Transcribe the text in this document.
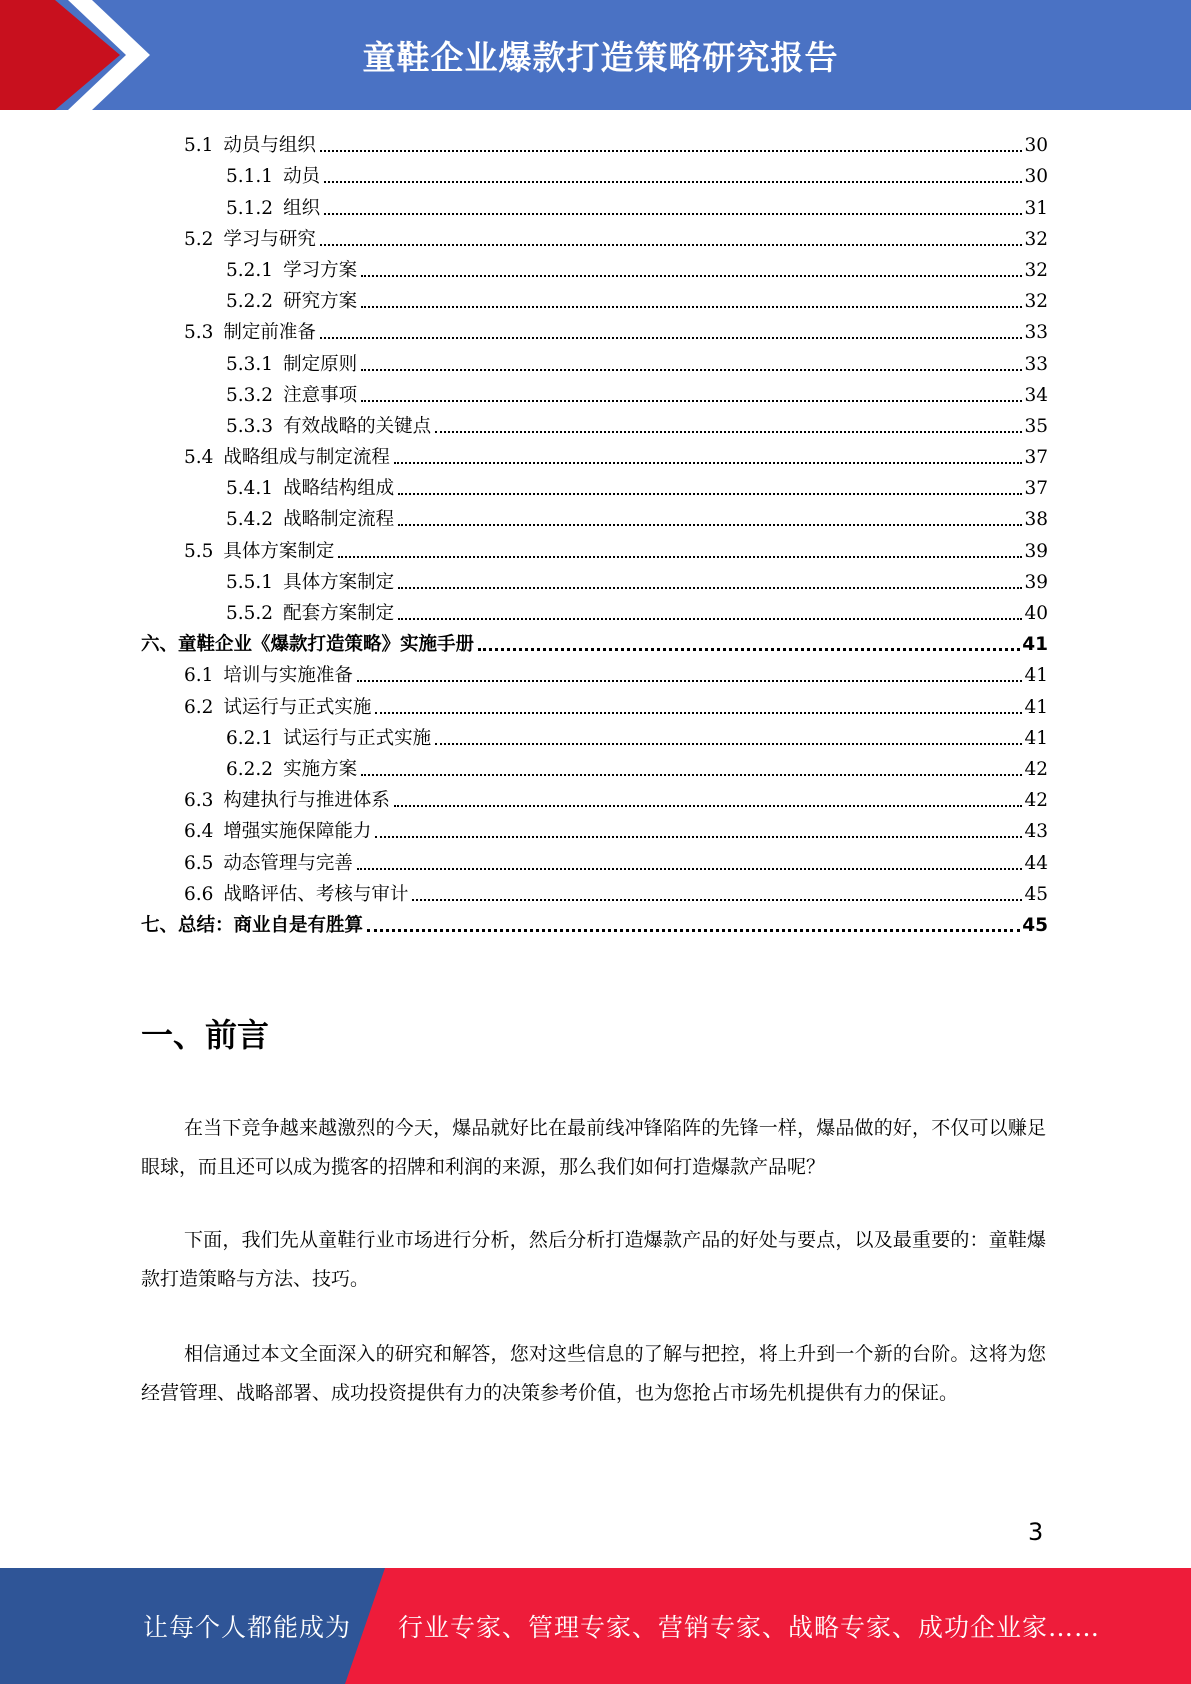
童鞋企业爆款打造策略研究报告
5.1 动员与组织	30
5.1.1 动员	30
5.1.2 组织	31
5.2 学习与研究	32
5.2.1 学习方案	32
5.2.2 研究方案	32
5.3 制定前准备	33
5.3.1 制定原则	33
5.3.2 注意事项	34
5.3.3 有效战略的关键点	35
5.4 战略组成与制定流程	37
5.4.1 战略结构组成	37
5.4.2 战略制定流程	38
5.5 具体方案制定	39
5.5.1 具体方案制定	39
5.5.2 配套方案制定	40
六、童鞋企业《爆款打造策略》实施手册	41
6.1 培训与实施准备	41
6.2 试运行与正式实施	41
6.2.1 试运行与正式实施	41
6.2.2 实施方案	42
6.3 构建执行与推进体系	42
6.4 增强实施保障能力	43
6.5 动态管理与完善	44
6.6 战略评估、考核与审计	45
七、总结：商业自是有胜算	45
一、前言

在当下竞争越来越激烈的今天，爆品就好比在最前线冲锋陷阵的先锋一样，爆品做的好，不仅可以赚足眼球，而且还可以成为揽客的招牌和利润的来源，那么我们如何打造爆款产品呢？

下面，我们先从童鞋行业市场进行分析，然后分析打造爆款产品的好处与要点，以及最重要的：童鞋爆款打造策略与方法、技巧。

相信通过本文全面深入的研究和解答，您对这些信息的了解与把控，将上升到一个新的台阶。这将为您经营管理、战略部署、成功投资提供有力的决策参考价值，也为您抢占市场先机提供有力的保证。

3
让每个人都能成为 行业专家、管理专家、营销专家、战略专家、成功企业家……
